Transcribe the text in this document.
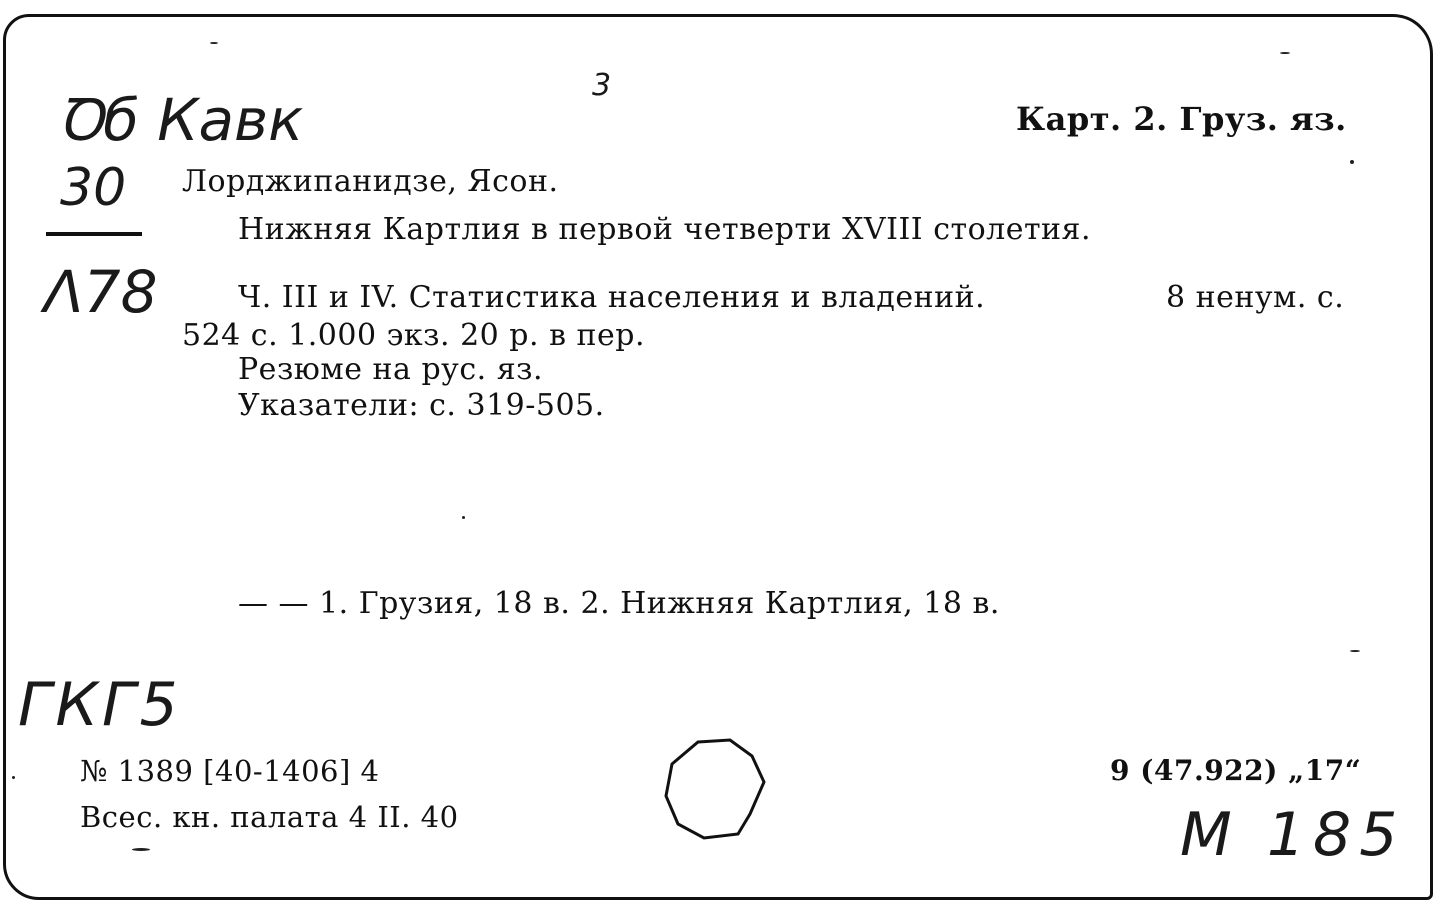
Ꝺб Кавк
3
30
Λ78
ГКГ5
M 185
Карт. 2. Груз. яз.
Лорджипанидзе, Ясон.
Нижняя Картлия в первой четверти XVIII столетия.
Ч. III и IV. Статистика населения и владений.	8 ненум. с.
524 с. 1.000 экз. 20 р. в пер.
Резюме на рус. яз.
Указатели: с. 319-505.
— — 1. Грузия, 18 в. 2. Нижняя Картлия, 18 в.
№ 1389 [40-1406] 4
Всес. кн. палата 4 II. 40
9 (47.922) „17“
